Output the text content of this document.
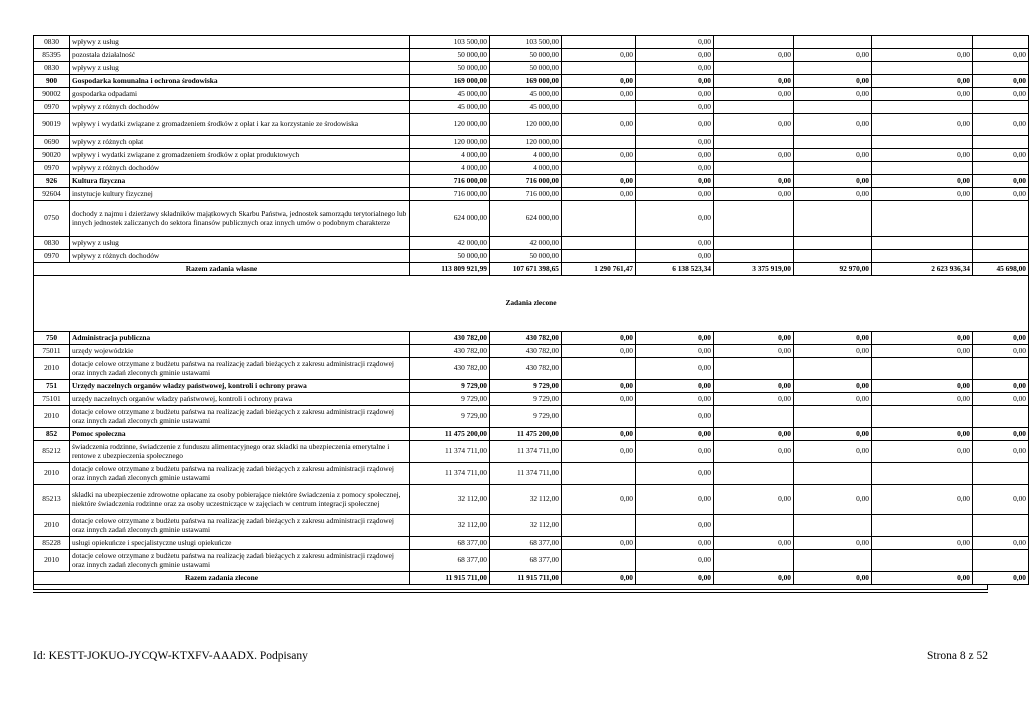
0830	wpływy z usług	103 500,00	103 500,00		0,00				
85395	pozostała działalność	50 000,00	50 000,00	0,00	0,00	0,00	0,00	0,00	0,00
0830	wpływy z usług	50 000,00	50 000,00		0,00				
900	Gospodarka komunalna i ochrona środowiska	169 000,00	169 000,00	0,00	0,00	0,00	0,00	0,00	0,00
90002	gospodarka odpadami	45 000,00	45 000,00	0,00	0,00	0,00	0,00	0,00	0,00
0970	wpływy z różnych dochodów	45 000,00	45 000,00		0,00				
90019	wpływy i wydatki związane z gromadzeniem środków z opłat i kar za korzystanie ze środowiska	120 000,00	120 000,00	0,00	0,00	0,00	0,00	0,00	0,00
0690	wpływy z różnych opłat	120 000,00	120 000,00		0,00				
90020	wpływy i wydatki związane z gromadzeniem środków z opłat produktowych	4 000,00	4 000,00	0,00	0,00	0,00	0,00	0,00	0,00
0970	wpływy z różnych dochodów	4 000,00	4 000,00		0,00				
926	Kultura fizyczna	716 000,00	716 000,00	0,00	0,00	0,00	0,00	0,00	0,00
92604	instytucje kultury fizycznej	716 000,00	716 000,00	0,00	0,00	0,00	0,00	0,00	0,00
0750	dochody z najmu i dzierżawy składników majątkowych Skarbu Państwa, jednostek samorządu terytorialnego lub innych jednostek zaliczanych do sektora finansów publicznych oraz innych umów o podobnym charakterze	624 000,00	624 000,00		0,00				
0830	wpływy z usług	42 000,00	42 000,00		0,00				
0970	wpływy z różnych dochodów	50 000,00	50 000,00		0,00				
Razem zadania własne		113 809 921,99	107 671 398,65	1 290 761,47	6 138 523,34	3 375 919,00	92 970,00	2 623 936,34	45 698,00
Zadania zlecone									
750	Administracja publiczna	430 782,00	430 782,00	0,00	0,00	0,00	0,00	0,00	0,00
75011	urzędy wojewódzkie	430 782,00	430 782,00	0,00	0,00	0,00	0,00	0,00	0,00
2010	dotacje celowe otrzymane z budżetu państwa na realizację zadań bieżących z zakresu administracji rządowej oraz innych zadań zleconych gminie ustawami	430 782,00	430 782,00		0,00				
751	Urzędy naczelnych organów władzy państwowej, kontroli i ochrony prawa	9 729,00	9 729,00	0,00	0,00	0,00	0,00	0,00	0,00
75101	urzędy naczelnych organów władzy państwowej, kontroli i ochrony prawa	9 729,00	9 729,00	0,00	0,00	0,00	0,00	0,00	0,00
2010	dotacje celowe otrzymane z budżetu państwa na realizację zadań bieżących z zakresu administracji rządowej oraz innych zadań zleconych gminie ustawami	9 729,00	9 729,00		0,00				
852	Pomoc społeczna	11 475 200,00	11 475 200,00	0,00	0,00	0,00	0,00	0,00	0,00
85212	świadczenia rodzinne, świadczenie z funduszu alimentacyjnego oraz składki na ubezpieczenia emerytalne i rentowe z ubezpieczenia społecznego	11 374 711,00	11 374 711,00	0,00	0,00	0,00	0,00	0,00	0,00
2010	dotacje celowe otrzymane z budżetu państwa na realizację zadań bieżących z zakresu administracji rządowej oraz innych zadań zleconych gminie ustawami	11 374 711,00	11 374 711,00		0,00				
85213	składki na ubezpieczenie zdrowotne opłacane za osoby pobierające niektóre świadczenia z pomocy społecznej, niektóre świadczenia rodzinne oraz za osoby uczestniczące w zajęciach w centrum integracji społecznej	32 112,00	32 112,00	0,00	0,00	0,00	0,00	0,00	0,00
2010	dotacje celowe otrzymane z budżetu państwa na realizację zadań bieżących z zakresu administracji rządowej oraz innych zadań zleconych gminie ustawami	32 112,00	32 112,00		0,00				
85228	usługi opiekuńcze i specjalistyczne usługi opiekuńcze	68 377,00	68 377,00	0,00	0,00	0,00	0,00	0,00	0,00
2010	dotacje celowe otrzymane z budżetu państwa na realizację zadań bieżących z zakresu administracji rządowej oraz innych zadań zleconych gminie ustawami	68 377,00	68 377,00		0,00				
Razem zadania zlecone		11 915 711,00	11 915 711,00	0,00	0,00	0,00	0,00	0,00	0,00
Id: KESTT-JOKUO-JYCQW-KTXFV-AAADX. Podpisany	Strona 8 z 52
